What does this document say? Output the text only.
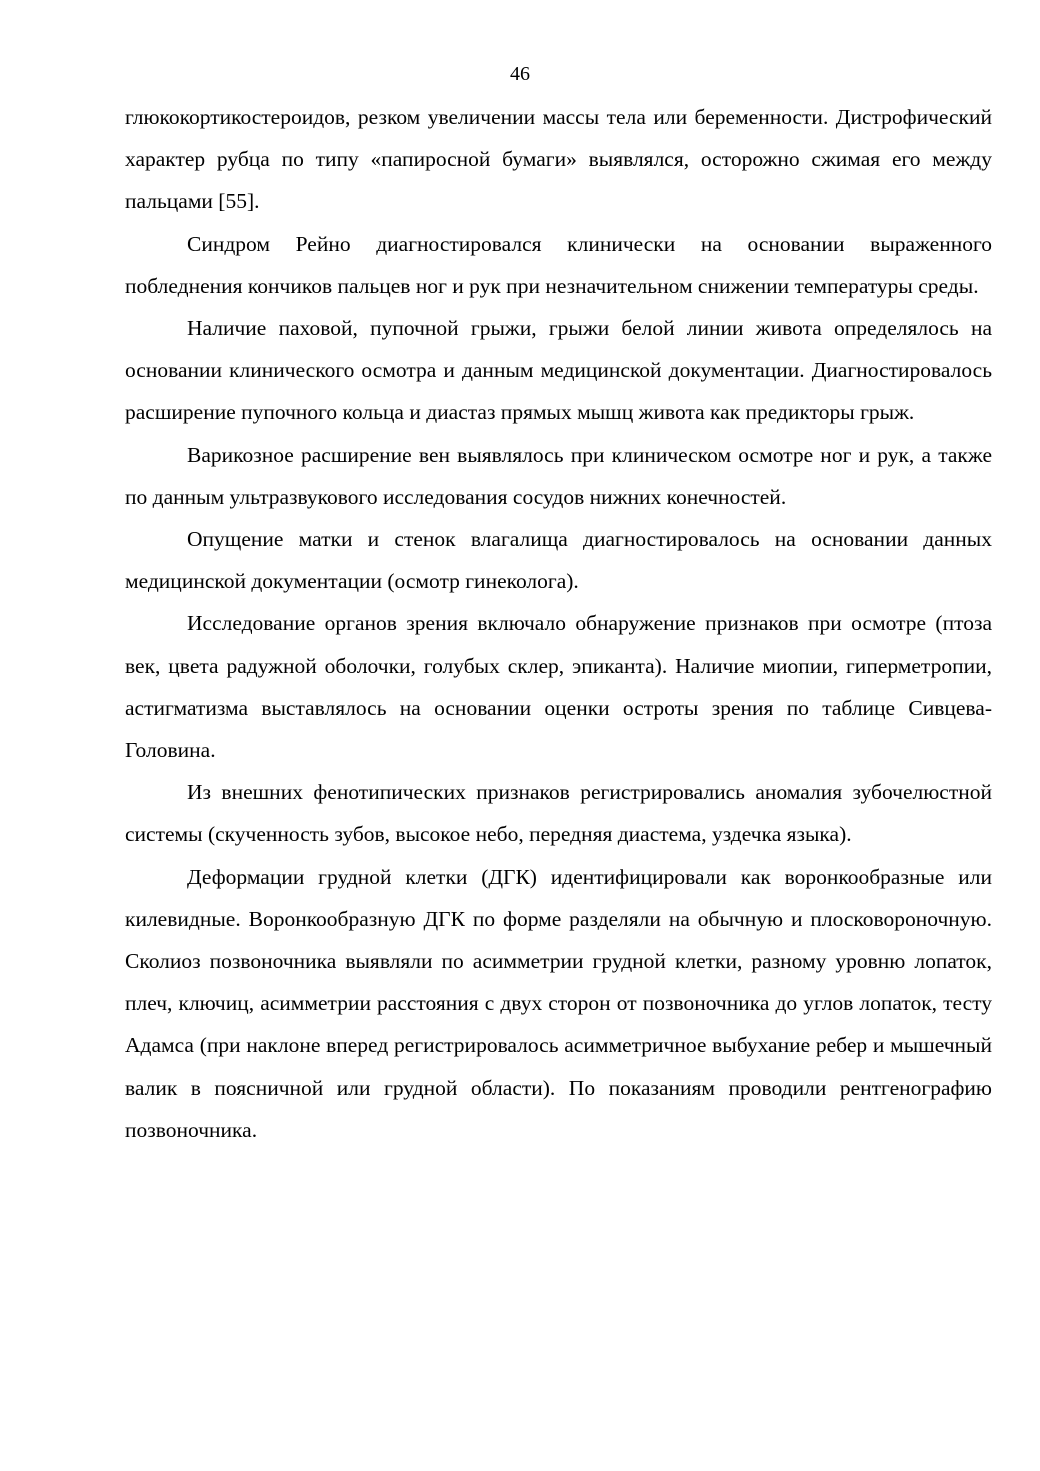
46

глюкокортикостероидов, резком увеличении массы тела или беременности. Дистрофический характер рубца по типу «папиросной бумаги» выявлялся, осторожно сжимая его между пальцами [55].

Синдром Рейно диагностировался клинически на основании выраженного побледнения кончиков пальцев ног и рук при незначительном снижении температуры среды.

Наличие паховой, пупочной грыжи, грыжи белой линии живота определялось на основании клинического осмотра и данным медицинской документации. Диагностировалось расширение пупочного кольца и диастаз прямых мышц живота как предикторы грыж.

Варикозное расширение вен выявлялось при клиническом осмотре ног и рук, а также по данным ультразвукового исследования сосудов нижних конечностей.

Опущение матки и стенок влагалища диагностировалось на основании данных медицинской документации (осмотр гинеколога).

Исследование органов зрения включало обнаружение признаков при осмотре (птоза век, цвета радужной оболочки, голубых склер, эпиканта). Наличие миопии, гиперметропии, астигматизма выставлялось на основании оценки остроты зрения по таблице Сивцева-Головина.

Из внешних фенотипических признаков регистрировались аномалия зубочелюстной системы (скученность зубов, высокое небо, передняя диастема, уздечка языка).

Деформации грудной клетки (ДГК) идентифицировали как воронкообразные или килевидные. Воронкообразную ДГК по форме разделяли на обычную и плосковороночную. Сколиоз позвоночника выявляли по асимметрии грудной клетки, разному уровню лопаток, плеч, ключиц, асимметрии расстояния с двух сторон от позвоночника до углов лопаток, тесту Адамса (при наклоне вперед регистрировалось асимметричное выбухание ребер и мышечный валик в поясничной или грудной области). По показаниям проводили рентгенографию позвоночника.
